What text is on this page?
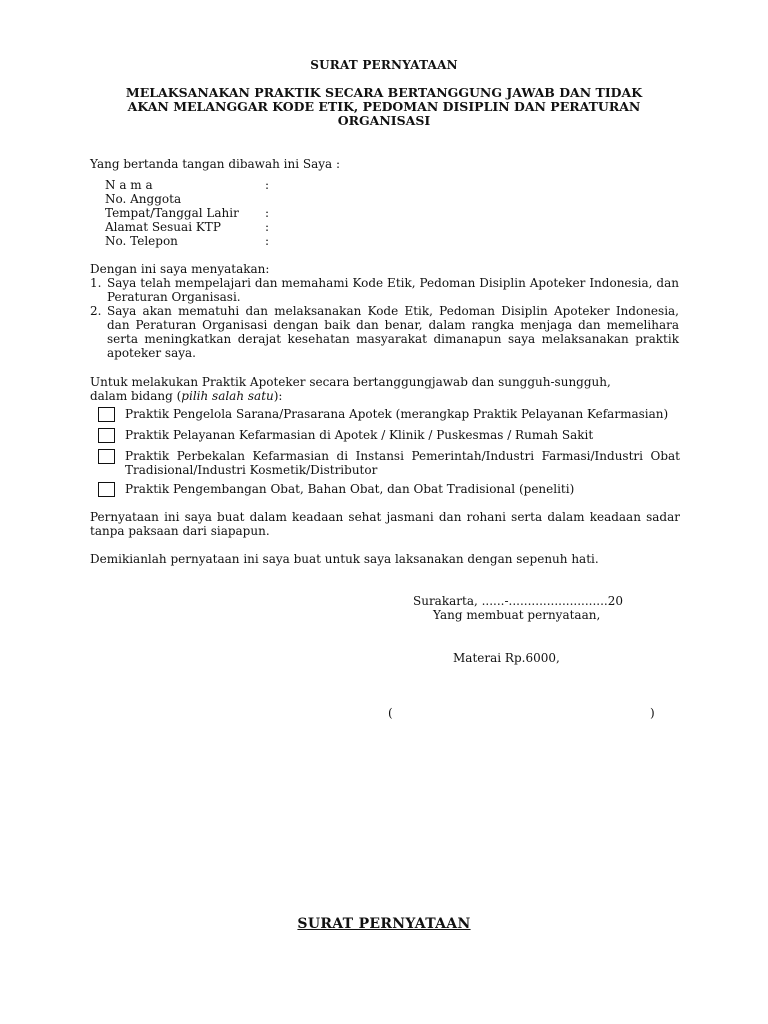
SURAT PERNYATAAN
MELAKSANAKAN PRAKTIK SECARA BERTANGGUNG JAWAB DAN TIDAK
AKAN MELANGGAR KODE ETIK, PEDOMAN DISIPLIN DAN PERATURAN
ORGANISASI
Yang bertanda tangan dibawah ini Saya :
N a m a	:
No. Anggota
Tempat/Tanggal Lahir :
Alamat Sesuai KTP	:
No. Telepon	:
Dengan ini saya menyatakan:
1. Saya telah mempelajari dan memahami Kode Etik, Pedoman Disiplin Apoteker Indonesia, dan Peraturan Organisasi.
2. Saya akan mematuhi dan melaksanakan Kode Etik, Pedoman Disiplin Apoteker Indonesia, dan Peraturan Organisasi dengan baik dan benar, dalam rangka menjaga dan memelihara serta meningkatkan derajat kesehatan masyarakat dimanapun saya melaksanakan praktik apoteker saya.
Untuk melakukan Praktik Apoteker secara bertanggungjawab dan sungguh-sungguh,
dalam bidang (pilih salah satu):
Praktik Pengelola Sarana/Prasarana Apotek (merangkap Praktik Pelayanan Kefarmasian)
Praktik Pelayanan Kefarmasian di Apotek / Klinik / Puskesmas / Rumah Sakit
Praktik Perbekalan Kefarmasian di Instansi Pemerintah/Industri Farmasi/Industri Obat Tradisional/Industri Kosmetik/Distributor
Praktik Pengembangan Obat, Bahan Obat, dan Obat Tradisional (peneliti)
Pernyataan ini saya buat dalam keadaan sehat jasmani dan rohani serta dalam keadaan sadar tanpa paksaan dari siapapun.
Demikianlah pernyataan ini saya buat untuk saya laksanakan dengan sepenuh hati.
Surakarta, ......-..........................20
Yang membuat pernyataan,
Materai Rp.6000,
(	)
SURAT PERNYATAAN
